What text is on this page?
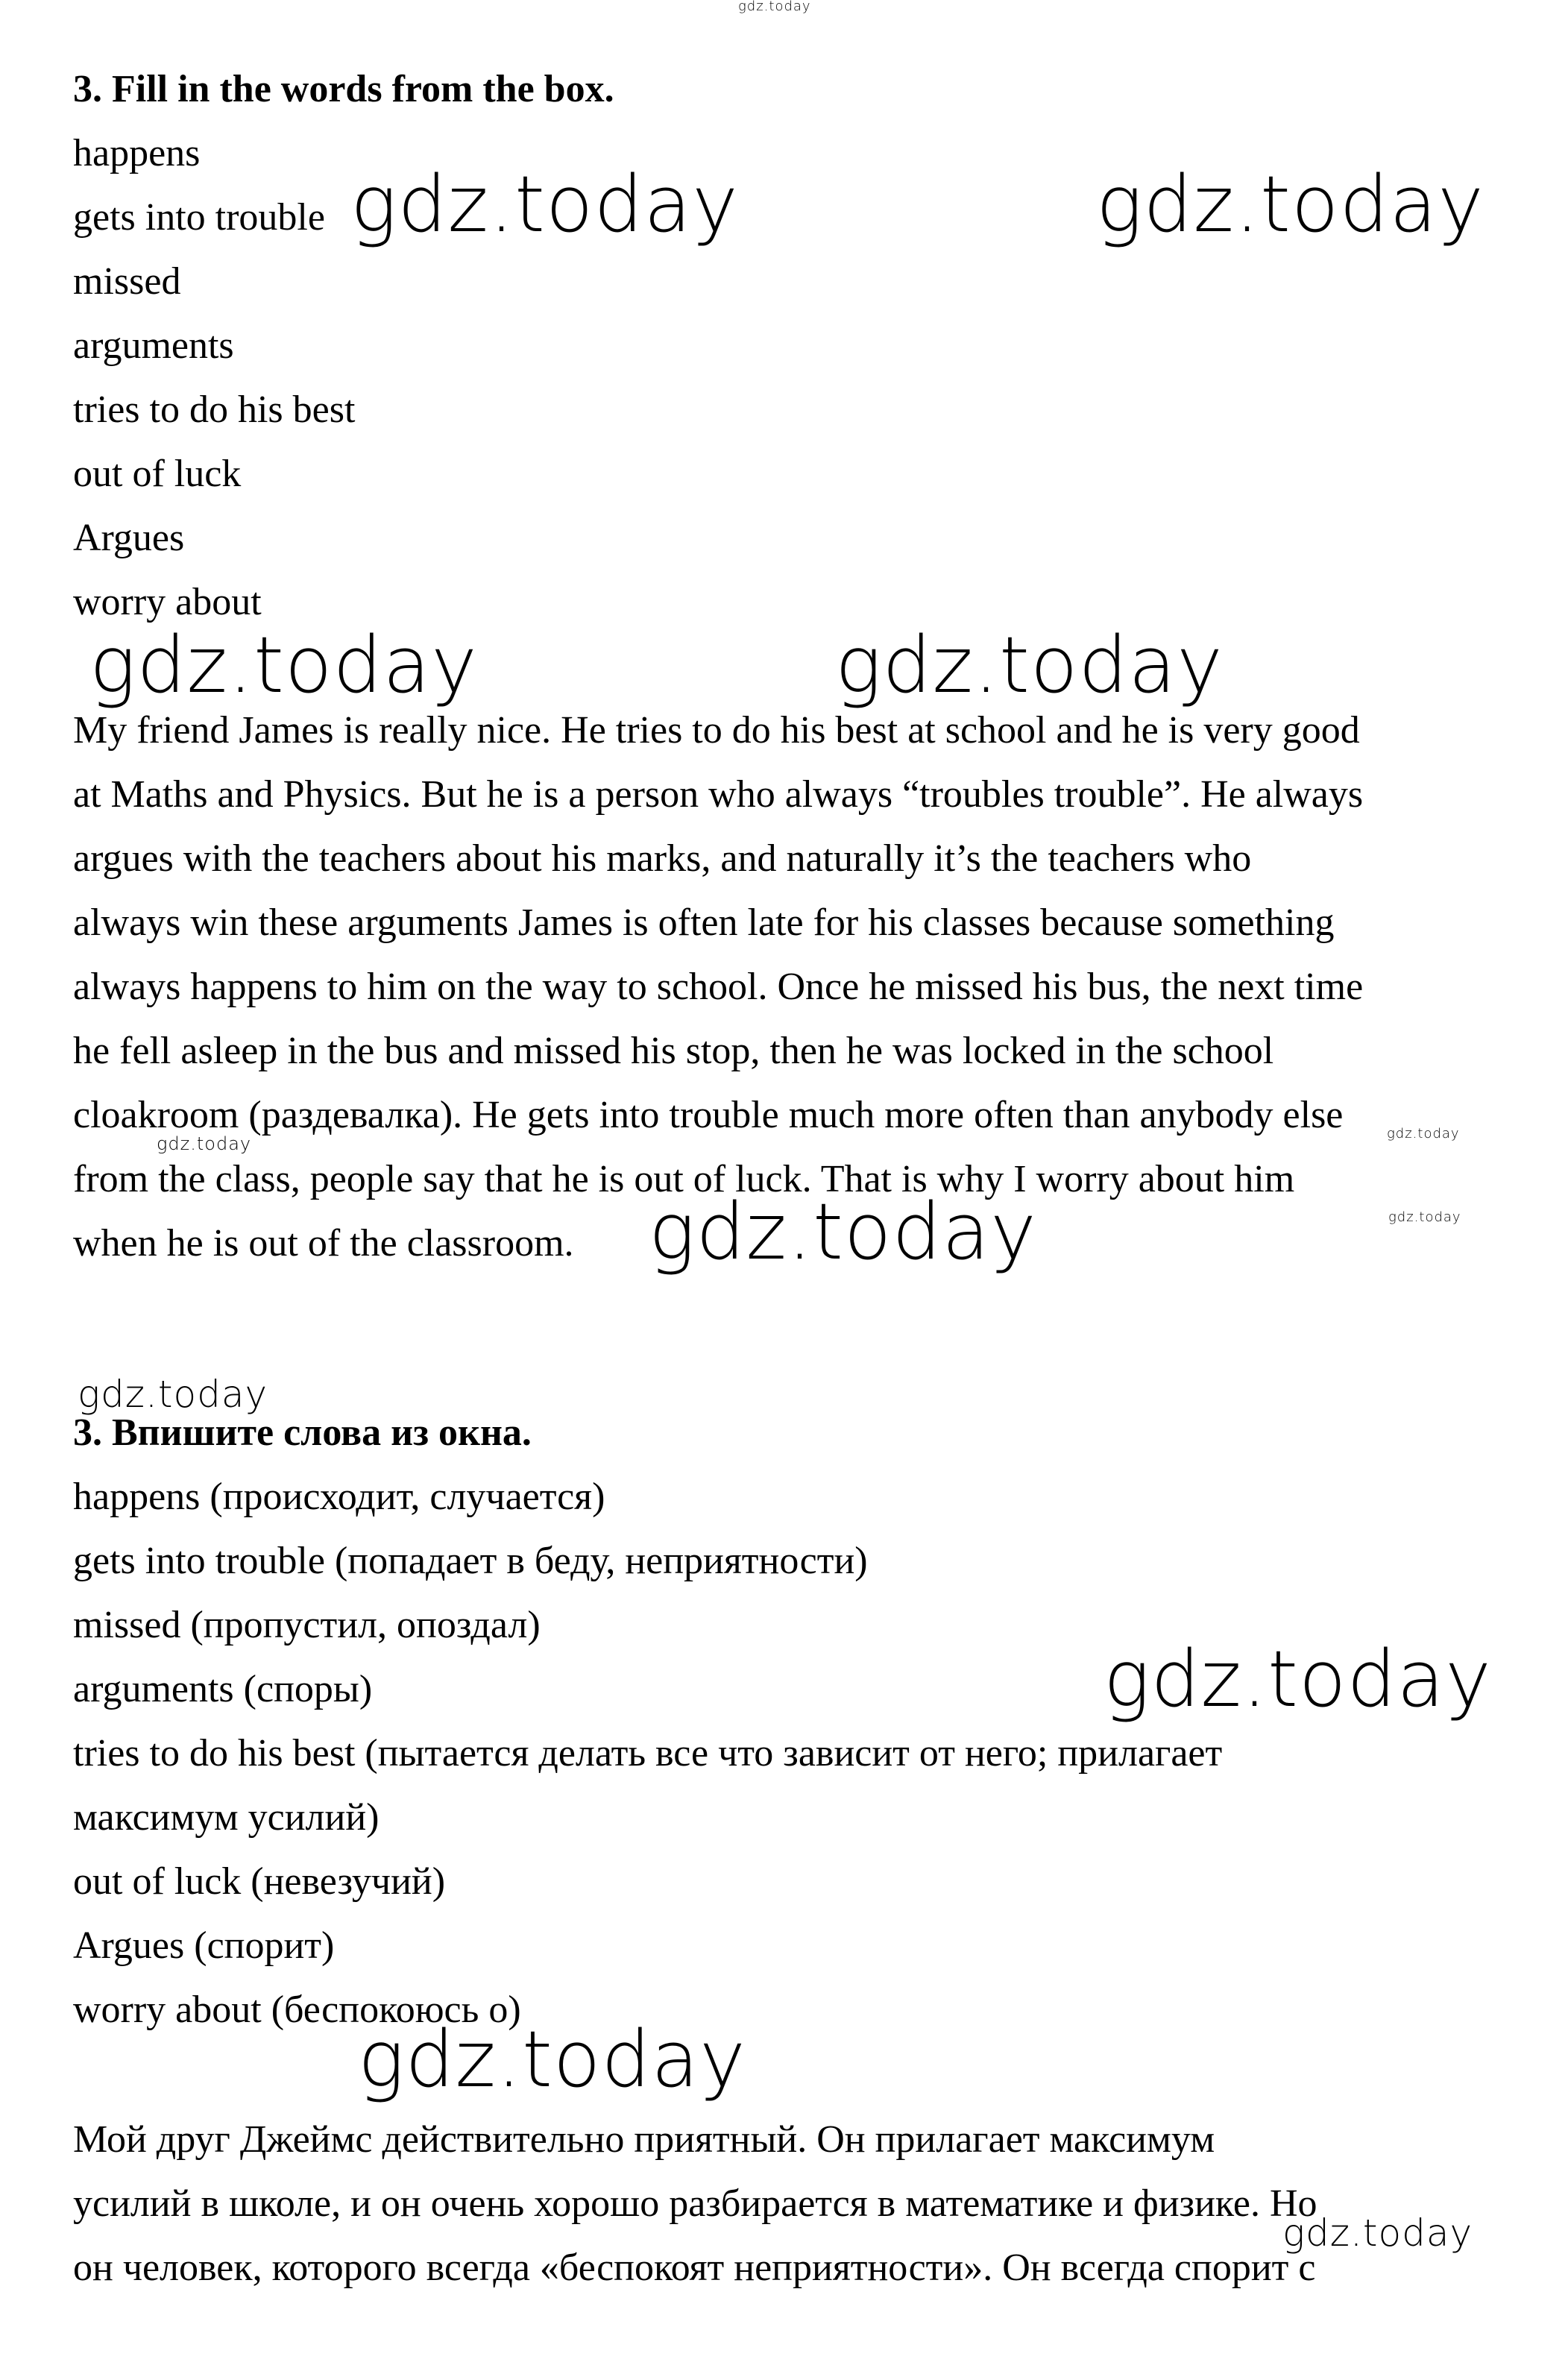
3. Fill in the words from the box.

happens

gets into trouble

missed

arguments

tries to do his best

out of luck

Argues

worry about

My friend James is really nice. He tries to do his best at school and he is very good

at Maths and Physics. But he is a person who always “troubles trouble”. He always

argues with the teachers about his marks, and naturally it’s the teachers who

always win these arguments James is often late for his classes because something

always happens to him on the way to school. Once he missed his bus, the next time

he fell asleep in the bus and missed his stop, then he was locked in the school

cloakroom (раздевалка). He gets into trouble much more often than anybody else

from the class, people say that he is out of luck. That is why I worry about him

when he is out of the classroom.

3. Впишите слова из окна.

happens (происходит, случается)

gets into trouble (попадает в беду, неприятности)

missed (пропустил, опоздал)

arguments (споры)

tries to do his best (пытается делать все что зависит от него; прилагает

максимум усилий)

out of luck (невезучий)

Argues (спорит)

worry about (беспокоюсь о)

Мой друг Джеймс действительно приятный. Он прилагает максимум

усилий в школе, и он очень хорошо разбирается в математике и физике. Но

он человек, которого всегда «беспокоят неприятности». Он всегда спорит с

gdz.today
gdz.today	gdz.today
gdz.today	gdz.today
gdz.today	gdz.today
gdz.today	gdz.today
gdz.today
gdz.today
gdz.today
gdz.today
